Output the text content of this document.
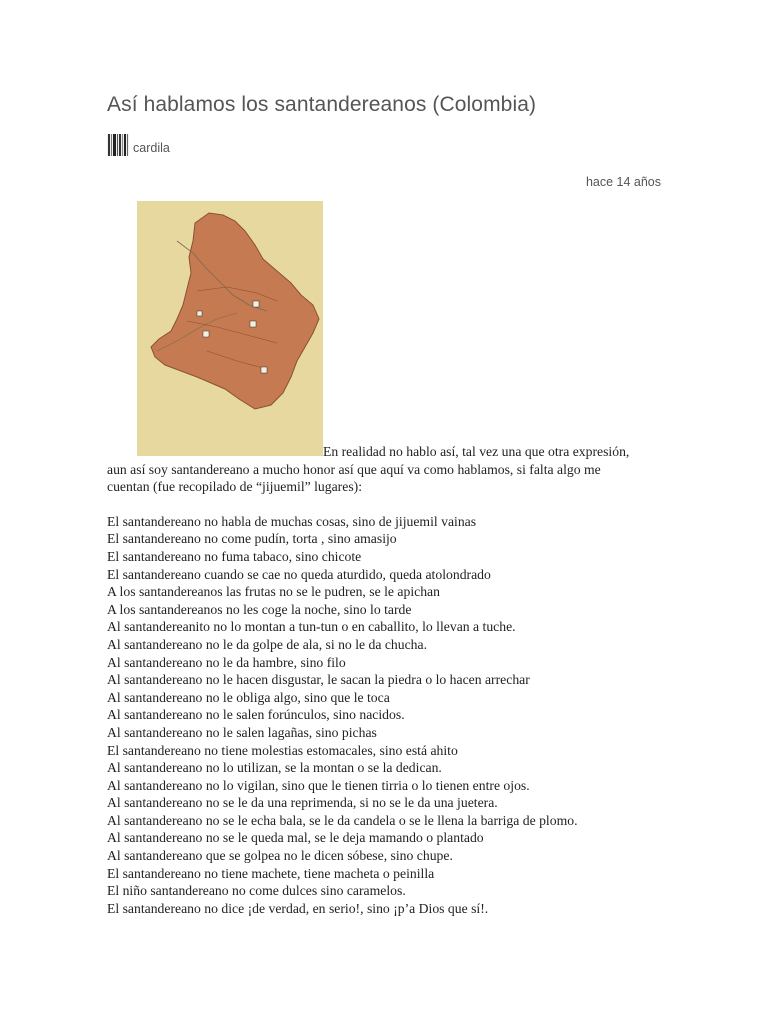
Así hablamos los santandereanos (Colombia)
cardila
hace 14 años
En realidad no hablo así, tal vez una que otra expresión,
aun así soy santandereano a mucho honor así que aquí va como hablamos, si falta algo me
cuentan (fue recopilado de “jijuemil” lugares):
El santandereano no habla de muchas cosas, sino de jijuemil vainas
El santandereano no come pudín, torta , sino amasijo
El santandereano no fuma tabaco, sino chicote
El santandereano cuando se cae no queda aturdido, queda atolondrado
A los santandereanos las frutas no se le pudren, se le apichan
A los santandereanos no les coge la noche, sino lo tarde
Al santandereanito no lo montan a tun-tun o en caballito, lo llevan a tuche.
Al santandereano no le da golpe de ala, si no le da chucha.
Al santandereano no le da hambre, sino filo
Al santandereano no le hacen disgustar, le sacan la piedra o lo hacen arrechar
Al santandereano no le obliga algo, sino que le toca
Al santandereano no le salen forúnculos, sino nacidos.
Al santandereano no le salen lagañas, sino pichas
El santandereano no tiene molestias estomacales, sino está ahito
Al santandereano no lo utilizan, se la montan o se la dedican.
Al santandereano no lo vigilan, sino que le tienen tirria o lo tienen entre ojos.
Al santandereano no se le da una reprimenda, si no se le da una juetera.
Al santandereano no se le echa bala, se le da candela o se le llena la barriga de plomo.
Al santandereano no se le queda mal, se le deja mamando o plantado
Al santandereano que se golpea no le dicen sóbese, sino chupe.
El santandereano no tiene machete, tiene macheta o peinilla
El niño santandereano no come dulces sino caramelos.
El santandereano no dice ¡de verdad, en serio!, sino ¡p’a Dios que sí!.
